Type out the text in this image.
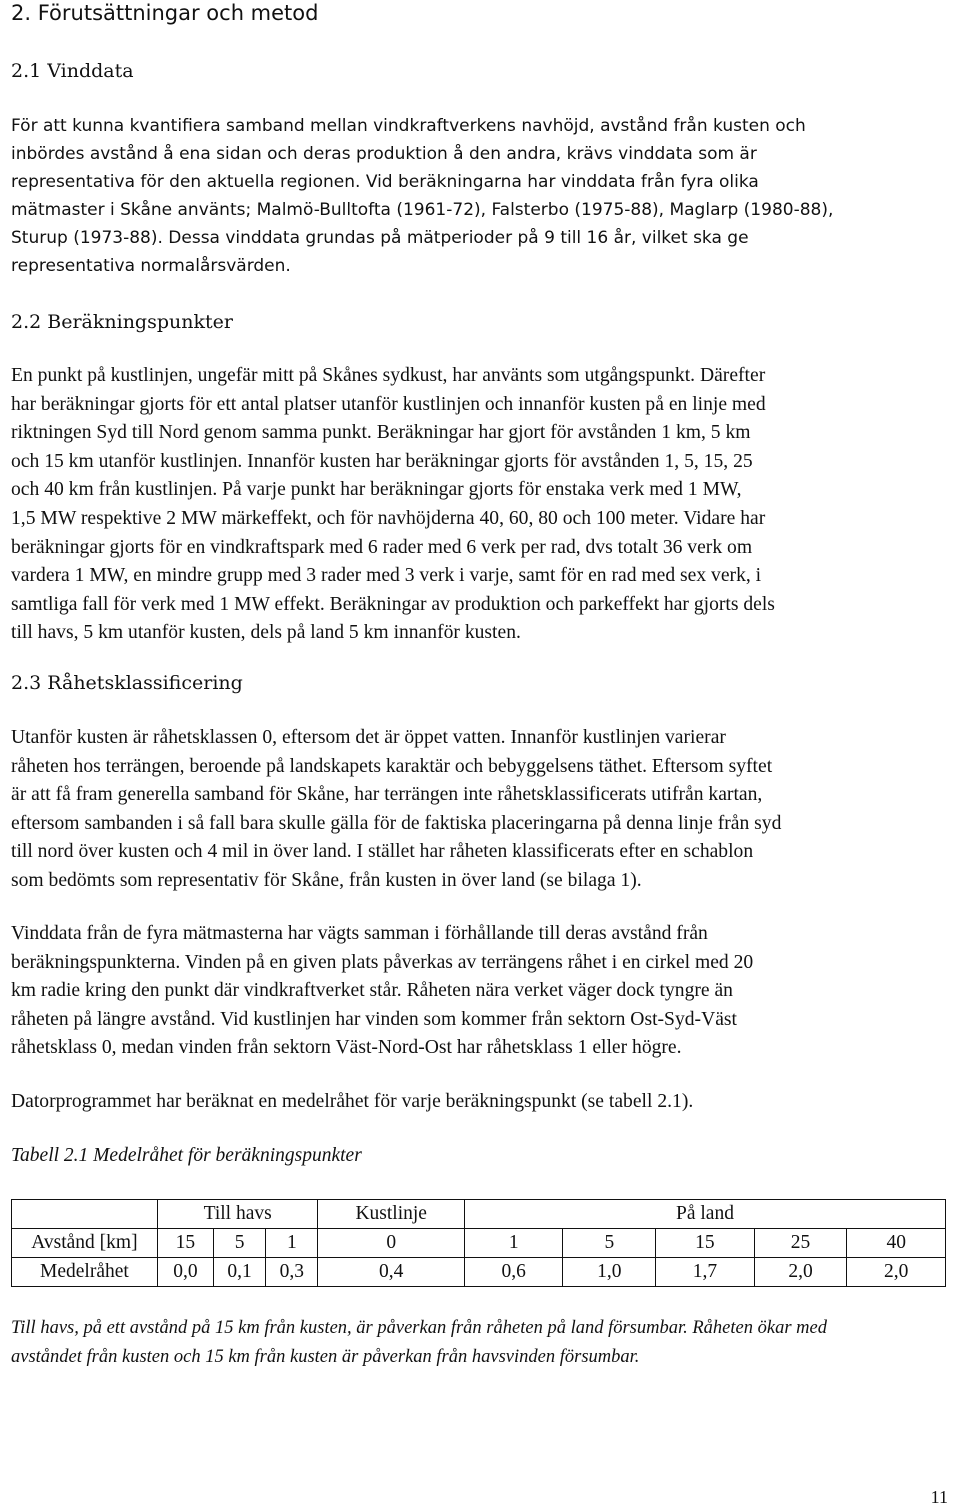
2. Förutsättningar och metod
2.1 Vinddata
För att kunna kvantifiera samband mellan vindkraftverkens navhöjd, avstånd från kusten och
inbördes avstånd å ena sidan och deras produktion å den andra, krävs vinddata som är
representativa för den aktuella regionen. Vid beräkningarna har vinddata från fyra olika
mätmaster i Skåne använts; Malmö-Bulltofta (1961-72), Falsterbo (1975-88), Maglarp (1980-88),
Sturup (1973-88). Dessa vinddata grundas på mätperioder på 9 till 16 år, vilket ska ge
representativa normalårsvärden.
2.2 Beräkningspunkter
En punkt på kustlinjen, ungefär mitt på Skånes sydkust, har använts som utgångspunkt. Därefter
har beräkningar gjorts för ett antal platser utanför kustlinjen och innanför kusten på en linje med
riktningen Syd till Nord genom samma punkt. Beräkningar har gjort för avstånden 1 km, 5 km
och 15 km utanför kustlinjen. Innanför kusten har beräkningar gjorts för avstånden 1, 5, 15, 25
och 40 km från kustlinjen. På varje punkt har beräkningar gjorts för enstaka verk med 1 MW,
1,5 MW respektive 2 MW märkeffekt, och för navhöjderna 40, 60, 80 och 100 meter. Vidare har
beräkningar gjorts för en vindkraftspark med 6 rader med 6 verk per rad, dvs totalt 36 verk om
vardera 1 MW, en mindre grupp med 3 rader med 3 verk i varje, samt för en rad med sex verk, i
samtliga fall för verk med 1 MW effekt. Beräkningar av produktion och parkeffekt har gjorts dels
till havs, 5 km utanför kusten, dels på land 5 km innanför kusten.
2.3 Råhetsklassificering
Utanför kusten är råhetsklassen 0, eftersom det är öppet vatten. Innanför kustlinjen varierar
råheten hos terrängen, beroende på landskapets karaktär och bebyggelsens täthet. Eftersom syftet
är att få fram generella samband för Skåne, har terrängen inte råhetsklassificerats utifrån kartan,
eftersom sambanden i så fall bara skulle gälla för de faktiska placeringarna på denna linje från syd
till nord över kusten och 4 mil in över land. I stället har råheten klassificerats efter en schablon
som bedömts som representativ för Skåne, från kusten in över land (se bilaga 1).
Vinddata från de fyra mätmasterna har vägts samman i förhållande till deras avstånd från
beräkningspunkterna. Vinden på en given plats påverkas av terrängens råhet i en cirkel med 20
km radie kring den punkt där vindkraftverket står. Råheten nära verket väger dock tyngre än
råheten på längre avstånd. Vid kustlinjen har vinden som kommer från sektorn Ost-Syd-Väst
råhetsklass 0, medan vinden från sektorn Väst-Nord-Ost har råhetsklass 1 eller högre.
Datorprogrammet har beräknat en medelråhet för varje beräkningspunkt (se tabell 2.1).
Tabell 2.1 Medelråhet för beräkningspunkter
	Till havs			Kustlinje	På land				
Avstånd [km]	15	5	1	0	1	5	15	25	40
Medelråhet	0,0	0,1	0,3	0,4	0,6	1,0	1,7	2,0	2,0
Till havs, på ett avstånd på 15 km från kusten, är påverkan från råheten på land försumbar. Råheten ökar med
avståndet från kusten och 15 km från kusten är påverkan från havsvinden försumbar.
11
